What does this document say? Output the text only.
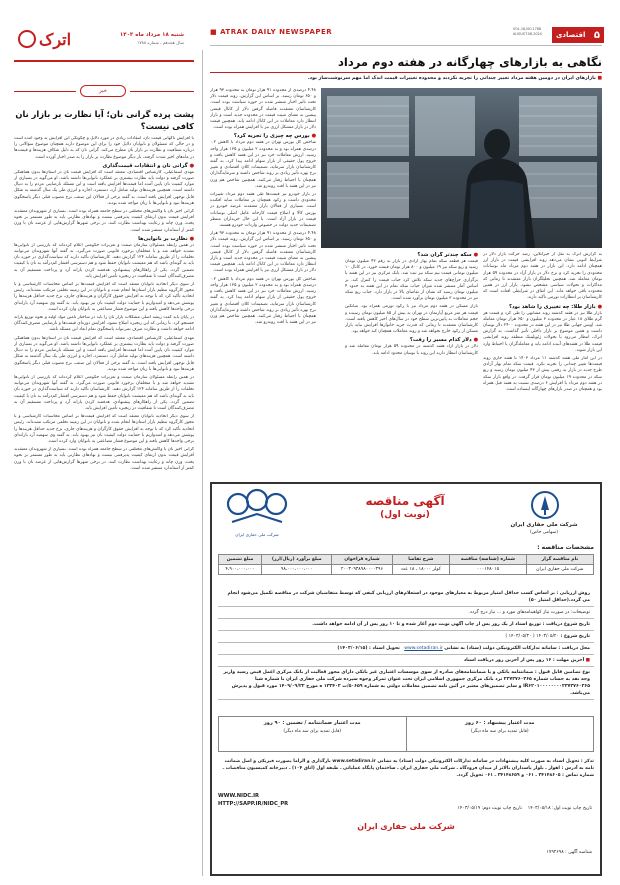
اقتصادی ۵
VOL.18,NO.1788
AUGUST.08.2024
■ ATRAK DAILY NEWSPAPER
اترک	شنبه ۱۸ مرداد ماه ۱۴۰۳
سال هجدهم ـ شماره ۱۷۸۸
خبر
پشت پرده گرانی نان؛ آیا نظارت بر بازار نان کافی نیست؟

با افزایش ناگهانی قیمت نان، انتقادات زیادی در مورد دلایل و چگونگی این افزایش به وجود آمده است و در حالی که مسئولان و نانوایان دلایل خود را برای این موضوع دارند همچنان موضوع سؤالاتی را درباره شفافیت و نظارت بر بازار نان مطرح می‌کند. گرانی نان که به دلیل شکاف هزینه‌ها و قیمت‌ها در ماه‌های اخیر شدت گرفته، بار دیگر موضوع نظارت بر بازار را به صدر اخبار آورده است.

● گرانی نان و انتقادات قیمت‌گذاری

مهدی اسماعیلی، کارشناس اقتصادی، معتقد است که افزایش قیمت نان در استان‌ها بدون هماهنگی صورت گرفته و دولت باید نظارت بیشتری بر عملکرد نانوایی‌ها داشته باشد. او می‌گوید در بسیاری از موارد کیفیت نان پایین آمده اما قیمت‌ها افزایش یافته است و این مسئله نارضایتی مردم را به دنبال داشته است. همچنین هزینه‌های تولید شامل آرد، دستمزد، اجاره و انرژی طی یک سال گذشته به شکل قابل توجهی افزایش یافته است. به گفته برخی از فعالان این صنف، نرخ مصوب قبلی دیگر پاسخگوی هزینه‌ها نبود و نانوایی‌ها با زیان مواجه شده بودند.

گرانی اخیر نان با واکنش‌های مختلفی در سطح جامعه همراه بوده است. بسیاری از شهروندان معتقدند افزایش قیمت بدون ارتقای کیفیت پذیرفتنی نیست و نهادهای نظارتی باید به طور مستمر بر نحوه پخت، وزن چانه و رعایت بهداشت نظارت کنند. در برخی شهرها گزارش‌هایی از عرضه نان با وزن کمتر از استاندارد منتشر شده است.

● نظارت بر نانوایی‌ها

در همین رابطه مسئولان سازمان صمت و تعزیرات حکومتی اعلام کرده‌اند که بازرسی از نانوایی‌ها تشدید خواهد شد و با متخلفان برخورد قانونی صورت می‌گیرد. به گفته آنها شهروندان می‌توانند تخلفات را از طریق سامانه ۱۲۴ گزارش دهند. کارشناسان تأکید دارند که سیاست‌گذاری در حوزه نان باید به گونه‌ای باشد که هم معیشت نانوایان حفظ شود و هم دسترسی اقشار کم‌درآمد به نان با کیفیت تضمین گردد. یکی از راهکارهای پیشنهادی، هدفمند کردن یارانه آرد و پرداخت مستقیم آن به مصرف‌کنندگان است تا شفافیت در زنجیره تأمین افزایش یابد.

از سوی دیگر اتحادیه نانوایان معتقد است که افزایش قیمت‌ها بر اساس محاسبات کارشناسی و با مجوز کارگروه تنظیم بازار استان‌ها انجام شده و نانوایان در این زمینه تخلفی مرتکب نشده‌اند. رئیس اتحادیه تأکید کرد که با توجه به افزایش حقوق کارگران و هزینه‌های جاری، نرخ جدید حداقل هزینه‌ها را پوشش می‌دهد و امیدواریم با حمایت دولت کیفیت نان نیز بهبود یابد. به گفته وی سهمیه آرد یارانه‌ای برخی واحدها کاهش یافته و این موضوع فشار مضاعفی به نانوایان وارد کرده است.

در پایان باید گفت ریشه اصلی مشکلات بازار نان را باید در ساختار تأمین مواد اولیه و نحوه توزیع یارانه جستجو کرد. تا زمانی که این زنجیره اصلاح نشود، افزایش دوره‌ای قیمت‌ها و نارضایتی مصرف‌کنندگان ادامه خواهد داشت و نظارت صرف نمی‌تواند پاسخگوی تمام ابعاد این مسئله باشد.

مهدی اسماعیلی، کارشناس اقتصادی، معتقد است که افزایش قیمت نان در استان‌ها بدون هماهنگی صورت گرفته و دولت باید نظارت بیشتری بر عملکرد نانوایی‌ها داشته باشد. او می‌گوید در بسیاری از موارد کیفیت نان پایین آمده اما قیمت‌ها افزایش یافته است و این مسئله نارضایتی مردم را به دنبال داشته است. همچنین هزینه‌های تولید شامل آرد، دستمزد، اجاره و انرژی طی یک سال گذشته به شکل قابل توجهی افزایش یافته است. به گفته برخی از فعالان این صنف، نرخ مصوب قبلی دیگر پاسخگوی هزینه‌ها نبود و نانوایی‌ها با زیان مواجه شده بودند.

در همین رابطه مسئولان سازمان صمت و تعزیرات حکومتی اعلام کرده‌اند که بازرسی از نانوایی‌ها تشدید خواهد شد و با متخلفان برخورد قانونی صورت می‌گیرد. به گفته آنها شهروندان می‌توانند تخلفات را از طریق سامانه ۱۲۴ گزارش دهند. کارشناسان تأکید دارند که سیاست‌گذاری در حوزه نان باید به گونه‌ای باشد که هم معیشت نانوایان حفظ شود و هم دسترسی اقشار کم‌درآمد به نان با کیفیت تضمین گردد. یکی از راهکارهای پیشنهادی، هدفمند کردن یارانه آرد و پرداخت مستقیم آن به مصرف‌کنندگان است تا شفافیت در زنجیره تأمین افزایش یابد.

از سوی دیگر اتحادیه نانوایان معتقد است که افزایش قیمت‌ها بر اساس محاسبات کارشناسی و با مجوز کارگروه تنظیم بازار استان‌ها انجام شده و نانوایان در این زمینه تخلفی مرتکب نشده‌اند. رئیس اتحادیه تأکید کرد که با توجه به افزایش حقوق کارگران و هزینه‌های جاری، نرخ جدید حداقل هزینه‌ها را پوشش می‌دهد و امیدواریم با حمایت دولت کیفیت نان نیز بهبود یابد. به گفته وی سهمیه آرد یارانه‌ای برخی واحدها کاهش یافته و این موضوع فشار مضاعفی به نانوایان وارد کرده است.

گرانی اخیر نان با واکنش‌های مختلفی در سطح جامعه همراه بوده است. بسیاری از شهروندان معتقدند افزایش قیمت بدون ارتقای کیفیت پذیرفتنی نیست و نهادهای نظارتی باید به طور مستمر بر نحوه پخت، وزن چانه و رعایت بهداشت نظارت کنند. در برخی شهرها گزارش‌هایی از عرضه نان با وزن کمتر از استاندارد منتشر شده است.

نگاهی به بازارهای چهارگانه در هفته دوم مرداد
■ بازارهای ایران در دومین هفته مرداد تغییر چندانی را تجربه نکردند و محدوده تغییرات قیمت اندک اما مهم سرنوشت‌ساز بود.

به گزارش اترک به نقل از خبرآنلاین، رصد حرکت بازار دلار در شرایط کنونی نشان می‌دهد روند افزایشی قیمت در بازار ارز همچنان ادامه دارد. این بازار در هفته دوم مرداد ماه نوسانات محدودی را تجربه کرد و نرخ دلار در بازار آزاد در محدوده ۵۹ هزار تومان معامله شد. همچنین تحلیلگران بازار معتقدند تا زمانی که مذاکرات و تحولات سیاسی مشخص نشود، بازار ارز در همین محدوده باقی خواهد ماند. این اتفاق در شرایطی افتاده است که کارشناسان بر انتظارات تورمی تأکید دارند.

● بازار طلا: چه تغییری را شاهد بود؟

بازار طلا نیز در هفته گذشته روند مشابهی را طی کرد و قیمت هر گرم طلای ۱۸ عیار در محدوده ۳ میلیون و ۶۵۰ هزار تومان معامله شد. اونس جهانی طلا نیز در این هفته در محدوده ۲۴۰۰ دلار نوسان داشت و همین موضوع بر بازار داخلی تأثیر گذاشت. به گزارش اترک، انتظار می‌رود با تحولات ژئوپلیتیک منطقه روند افزایشی قیمت طلا در هفته‌های آینده ادامه یابد و معامله‌گران با احتیاط وارد این بازار شوند.

در این آمار طی هفته گذشته ۱۱ مرداد ۱۴۰۳ تا هفته جاری روند قیمت‌ها تغییر چندانی را تجربه نکرد. قیمت سکه تمام بهار آزادی طرح جدید در بازار به رقمی بیش از ۴۳ میلیون تومان رسید و ربع سکه در محدوده ۱۹ میلیون تومان قرار گرفت. در واقع بازار سکه در هفته دوم مرداد با افزایش ۶ درصدی نسبت به هفته قبل همراه بود و همچنان در صدر بازارهای چهارگانه ایستاده است.

● سکه چندتر گران شد؟

قیمت هر قطعه سکه تمام بهار آزادی در بازار به رقم ۴۳ میلیون تومان رسید و ربع سکه نیز ۱۹ میلیون و ۸۰۰ هزار تومان قیمت خورد. در کانال ۱۰ میلیون تومانی قیمت نیم سکه نیز ثبت شد. بانک مرکزی نیز در این هفته با برگزاری حراج‌های جدید سکه تلاش کرد حباب قیمت را کنترل کند. بر اساس آمار منتشر شده میزان حباب سکه تمام در این هفته به حدود ۴ میلیون تومان رسید که نشان از تقاضای بالا در بازار دارد. حباب ربع سکه نیز در محدوده ۳ میلیون تومان برآورد شده است.

بازار مسکن در هفته دوم مرداد نیز با رکود تورمی همراه بود. میانگین قیمت هر متر مربع آپارتمان در تهران به بیش از ۸۵ میلیون تومان رسیده و حجم معاملات به پایین‌ترین سطح خود در سال‌های اخیر کاهش یافته است. کارشناسان معتقدند تا زمانی که قدرت خرید خانوارها افزایش نیابد بازار مسکن از رکود خارج نخواهد شد و روند معاملات همچنان کند خواهد بود.

● دلار کدام مسیر را رفت؟

دلار در بازار آزاد هفته گذشته در محدوده ۵۹ هزار تومان معامله شد و کارشناسان انتظار دارند این روند با نوسان محدود ادامه یابد.

۴.۴۸ درصدی از محدوده ۹۱ هزار تومان به محدوده ۹۳ هزار و ۶۵۰ تومان رسید. بر اساس این گزارش، روند قیمت دلار تحت تاثیر اخبار منتشر شده در حوزه سیاست بوده است. کارشناسان معتقدند فاصله گرفتن دلار از کانال قیمتی پیشین به معنای تثبیت قیمت در محدوده جدید است و بازار انتظار دارد معاملات در این کانال ادامه یابد. همچنین قیمت دلار در بازار متشکل ارزی نیز با افزایش همراه بوده است.

● بورس چه چیزی را تجربه کرد؟

شاخص کل بورس تهران در هفته دوم مرداد با کاهش ۰.۲ درصدی همراه بود و به محدوده ۲ میلیون و ۱۳۵ هزار واحد رسید. ارزش معاملات خرد نیز در این هفته کاهش یافت و خروج پول حقیقی از بازار سهام ادامه پیدا کرد. به گفته کارشناسان بازار سرمایه، تصمیمات کلان اقتصادی و تغییر نرخ بهره تأثیر زیادی بر روند شاخص داشته و سرمایه‌گذاران همچنان با احتیاط رفتار می‌کنند. همچنین شاخص هم وزن نیز در این هفته با افت روبه‌رو شد.

در بازار خودرو نیز قیمت‌ها طی هفته دوم مرداد تغییرات محدودی داشت و رکود همچنان بر معاملات سایه افکنده است. بسیاری از فعالان بازار معتقدند عرضه خودرو در بورس کالا و اصلاح قیمت کارخانه عامل اصلی نوسانات قیمت در بازار آزاد است. با این حال خریداران منتظر تصمیمات جدید دولت در خصوص واردات خودرو هستند.

۴.۴۸ درصدی از محدوده ۹۱ هزار تومان به محدوده ۹۳ هزار و ۶۵۰ تومان رسید. بر اساس این گزارش، روند قیمت دلار تحت تاثیر اخبار منتشر شده در حوزه سیاست بوده است. کارشناسان معتقدند فاصله گرفتن دلار از کانال قیمتی پیشین به معنای تثبیت قیمت در محدوده جدید است و بازار انتظار دارد معاملات در این کانال ادامه یابد. همچنین قیمت دلار در بازار متشکل ارزی نیز با افزایش همراه بوده است.

شاخص کل بورس تهران در هفته دوم مرداد با کاهش ۰.۲ درصدی همراه بود و به محدوده ۲ میلیون و ۱۳۵ هزار واحد رسید. ارزش معاملات خرد نیز در این هفته کاهش یافت و خروج پول حقیقی از بازار سهام ادامه پیدا کرد. به گفته کارشناسان بازار سرمایه، تصمیمات کلان اقتصادی و تغییر نرخ بهره تأثیر زیادی بر روند شاخص داشته و سرمایه‌گذاران همچنان با احتیاط رفتار می‌کنند. همچنین شاخص هم وزن نیز در این هفته با افت روبه‌رو شد.

شرکت ملی حفاری ایران
(سهامی خاص)
آگهی مناقصه
(نوبت اول)
شرکت ملی حفاری ایران
مشخصات مناقصه :
نام مناقصه گزار	شماره (شناسه) مناقصه	شرح تقاضا	شماره فراخوان	مبلغ برآورد (ریال/ارز)	مبلغ تضمین
شرکت ملی حفاری ایران	۰۰۰۱۴۸۰۱۵	کولر ۱۸۰۰۰ ـ ۱۸ عدد	۲۰۰۳۰۹۳۸۹۸۰۰۰۰۳۹۶	۹۸،۰۰۰،۰۰۰،۰۰۰	۴،۹۰۰،۰۰۰،۰۰۰
روش ارزیابی : بر اساس کسب حداقل امتیاز مربوط به معیارهای موجود در استعلام‌های ارزیابی کیفی که توسط متقاضیان شرکت در مناقصه تکمیل می‌شود انجام می گردد.(حداقل امتیاز ۵۰)
توضیحات: در صورت نیاز کواهینامه‌های مورد و ... نیاز درج گردد.
تاریخ شروع دریافت : توزیع اسناد از یک روز پس از چاپ آگهی نوبت دوم آغاز شده و تا ۱۰ روز پس از آن ادامه خواهد داشت.
تاریخ شروع : ۱۴۰۳/۰۵/۲۰ ( ۱۴۰۳/۰۵/۳۰ )
محل دریافت : سامانه تدارکات الکترونیکی دولت (ستاد) به نشانی www.setadiran.ir   تحویل اسناد : (۱۴۰۳/۰۶/۱۵)
■ آخرین مهلت : ۱۶ روز پس از آخرین روز دریافت اسناد
نوع تضامین قابل قبول : ضمانتنامه بانکی و یا ضمانتنامه‌های صادره از سوی موسسات اعتباری غیر بانکی دارای مجوز فعالیت از بانک مرکزی اعمل قبض رسید واریز وجه نقد به حساب شماره ۲۳۷۳۷۶۰۳۶۵ نزد بانک مرکزی جمهوری اسلامی ایران تحت عنوان تمرکز وجوه سپرده شرکت ملی حفاری ایران با شماره شبا IR۶۲۰۱۰۰۰۰۰۰۰۰۲۳۷۳۷۶۰۳۶۵ و سایر تضمین‌های معتبر در آئین نامه تضمین معاملات دولتی به شماره ۵۰۶۵۹/ت ۱۳۳۴۰۲ ه مورخ ۱۴۰۹/۰۹/۲۲ مورد قبول و پذیرش می‌باشد.
مدت اعتبار پیشنهاد : ۶۰ روز
(قابل تمدید برای سه ماه دیگر)
مدت اعتبار ضمانتنامه / تضمین : ۹۰ روز
(قابل تمدید برای سه ماه دیگر)
تذکر : تحویل اسناد به صورت کلیه پیشنهادات در سامانه تدارکات الکترونیکی دولت (ستاد) به نشانی www.setadiran.ir بارگذاری و الزاما بصورت فیزیکی و اصل ضمانت نامه به آدرس : اهواز ـ بلوار پاسداران بالاتر از میدان فرودگاه ـ شرکت ملی حفاری ایران ـ ساختمان پایگاه عملیاتی ـ طبقه اول (اتاق ۱۰۴) ـ دبیرخانه کمیسیون مناقصات ـ شماره تماس : ۳۴۱۴۸۶۰۵ ـ ۰۶۱ و ۳۴۱۴۸۶۵۹ ـ ۰۶۱ تحویل گردد.
WWW.NIDC.IR
HTTP://SAPP.IR/NIDC_PR
تاریخ چاپ نوبت اول: ۱۴۰۳/۰۵/۱۸    تاریخ چاپ نوبت دوم: ۱۴۰۳/۰۵/۱۹
شرکت ملی حفاری ایران
شناسه آگهی : ۱۷۹۲۶۹۸
